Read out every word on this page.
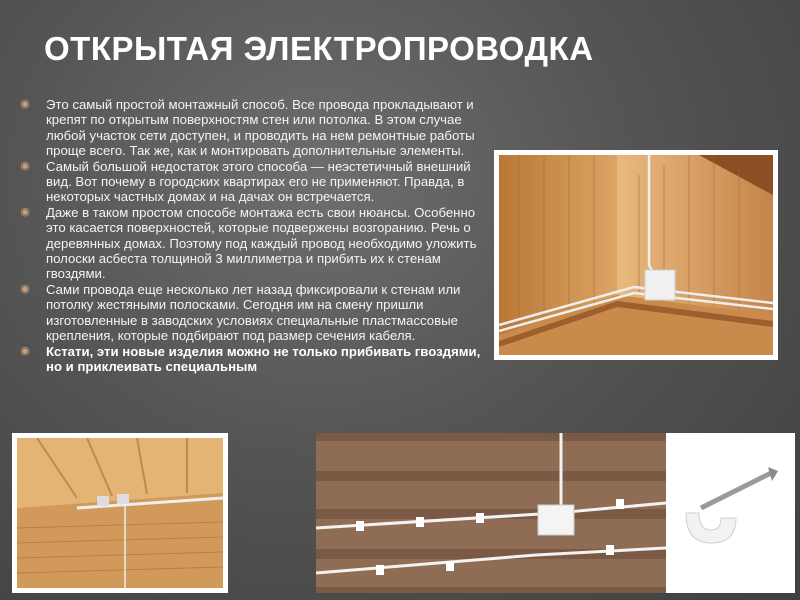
ОТКРЫТАЯ ЭЛЕКТРОПРОВОДКА
◉	Это самый простой монтажный способ. Все провода прокладывают и крепят по открытым поверхностям стен или потолка. В этом случае любой участок сети доступен, и проводить на нем ремонтные работы проще всего. Так же, как и монтировать дополнительные элементы.
◉	Самый большой недостаток этого способа — неэстетичный внешний вид. Вот почему в городских квартирах его не применяют. Правда, в некоторых частных домах и на дачах он встречается.
◉	Даже в таком простом способе монтажа есть свои нюансы. Особенно это касается поверхностей, которые подвержены возгоранию. Речь о деревянных домах. Поэтому под каждый провод необходимо уложить полоски асбеста толщиной 3 миллиметра и прибить их к стенам гвоздями.
◉	Сами провода еще несколько лет назад фиксировали к стенам или потолку жестяными полосками. Сегодня им на смену пришли изготовленные в заводских условиях специальные пластмассовые крепления, которые подбирают под размер сечения кабеля.
◉	Кстати, эти новые изделия можно не только прибивать гвоздями, но и приклеивать специальным
